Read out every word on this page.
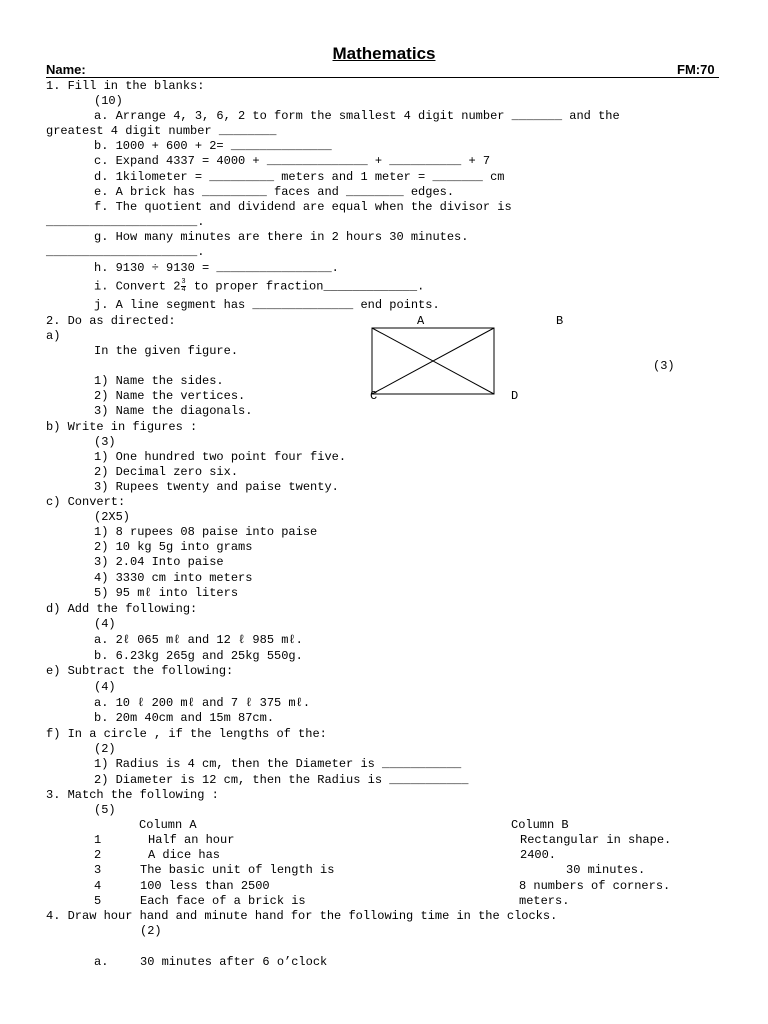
Mathematics
Name:	FM:70
1. Fill in the blanks:
(10)
a. Arrange 4, 3, 6, 2 to form the smallest 4 digit number _______ and the
greatest 4 digit number ________
b. 1000 + 600 + 2= ______________
c. Expand 4337 = 4000 + ______________ + __________ + 7
d. 1kilometer = _________ meters and 1 meter = _______ cm
e. A brick has _________ faces and ________ edges.
f. The quotient and dividend are equal when the divisor is
_____________________.
g. How many minutes are there in 2 hours 30 minutes.
_____________________.
h. 9130 ÷ 9130 = ________________.
i. Convert $2 \frac{3}{4}$ to proper fraction_____________.
j. A line segment has ______________ end points.
2. Do as directed:	A	B
a)
In the given figure.
(3)
1) Name the sides.
2) Name the vertices.	C	D
3) Name the diagonals.
b) Write in figures :
(3)
1) One hundred two point four five.
2) Decimal zero six.
3) Rupees twenty and paise twenty.
c) Convert:
(2X5)
1) 8 rupees 08 paise into paise
2) 10 kg 5g into grams
3) 2.04 Into paise
4) 3330 cm into meters
5) 95 mℓ into liters
d) Add the following:
(4)
a. 2ℓ 065 mℓ and 12 ℓ 985 mℓ.
b. 6.23kg 265g and 25kg 550g.
e) Subtract the following:
(4)
a. 10 ℓ 200 mℓ and 7 ℓ 375 mℓ.
b. 20m 40cm and 15m 87cm.
f) In a circle , if the lengths of the:
(2)
1) Radius is 4 cm, then the Diameter is ___________
2) Diameter is 12 cm, then the Radius is ___________
3. Match the following :
(5)
Column A	Column B
1	Half an hour	Rectangular in shape.
2	A dice has	2400.
3	The basic unit of length is	30 minutes.
4	100 less than 2500	8 numbers of corners.
5	Each face of a brick is	meters.
4. Draw hour hand and minute hand for the following time in the clocks.
(2)
a.	30 minutes after 6 o’clock
